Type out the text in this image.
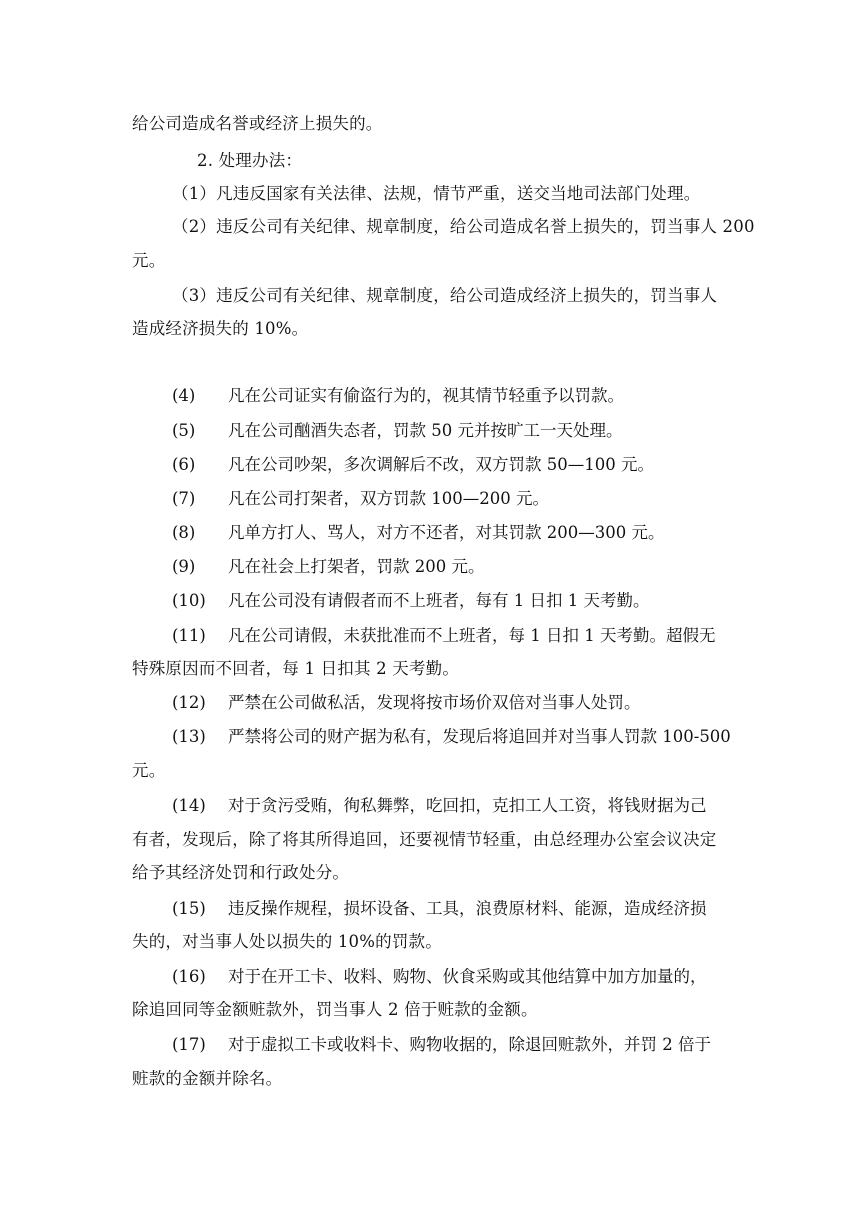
给公司造成名誉或经济上损失的。
2. 处理办法：
（1）凡违反国家有关法律、法规，情节严重，送交当地司法部门处理。
（2）违反公司有关纪律、规章制度，给公司造成名誉上损失的，罚当事人 200
元。
（3）违反公司有关纪律、规章制度，给公司造成经济上损失的，罚当事人
造成经济损失的 10%。
(4)	凡在公司证实有偷盗行为的，视其情节轻重予以罚款。
(5)	凡在公司酗酒失态者，罚款 50 元并按旷工一天处理。
(6)	凡在公司吵架，多次调解后不改，双方罚款 50—100 元。
(7)	凡在公司打架者，双方罚款 100—200 元。
(8)	凡单方打人、骂人，对方不还者，对其罚款 200—300 元。
(9)	凡在社会上打架者，罚款 200 元。
(10)	凡在公司没有请假者而不上班者，每有 1 日扣 1 天考勤。
(11)	凡在公司请假，未获批准而不上班者，每 1 日扣 1 天考勤。超假无
特殊原因而不回者，每 1 日扣其 2 天考勤。
(12)	严禁在公司做私活，发现将按市场价双倍对当事人处罚。
(13)	严禁将公司的财产据为私有，发现后将追回并对当事人罚款 100-500
元。
(14)	对于贪污受贿，徇私舞弊，吃回扣，克扣工人工资，将钱财据为己
有者，发现后，除了将其所得追回，还要视情节轻重，由总经理办公室会议决定
给予其经济处罚和行政处分。
(15)	违反操作规程，损坏设备、工具，浪费原材料、能源，造成经济损
失的，对当事人处以损失的 10%的罚款。
(16)	对于在开工卡、收料、购物、伙食采购或其他结算中加方加量的，
除追回同等金额赃款外，罚当事人 2 倍于赃款的金额。
(17)	对于虚拟工卡或收料卡、购物收据的，除退回赃款外，并罚 2 倍于
赃款的金额并除名。
